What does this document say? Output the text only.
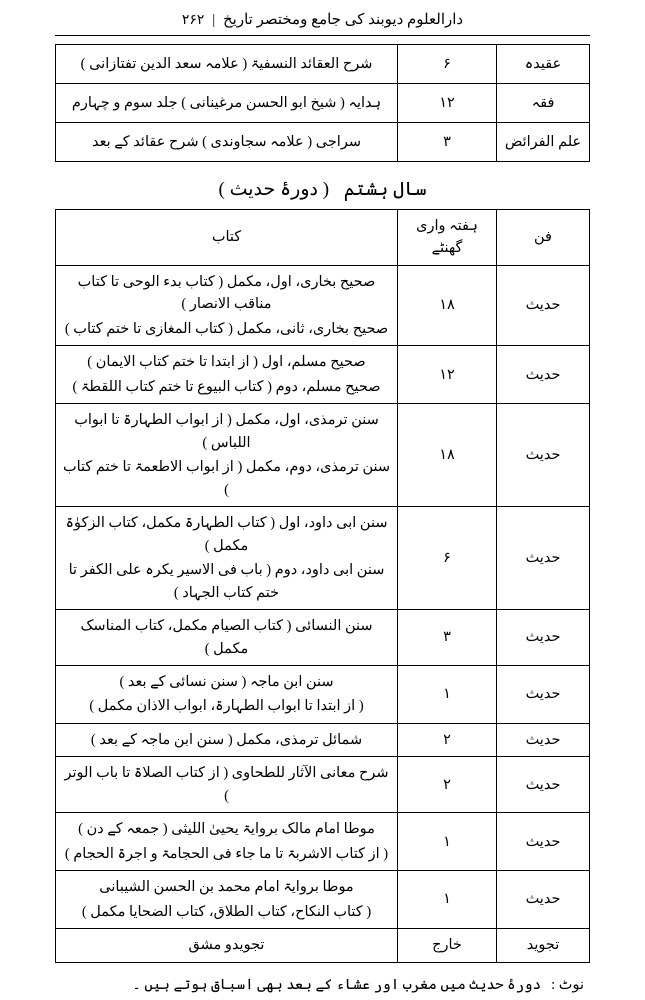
دارالعلوم دیوبند کی جامع ومختصر تاریخ | ۲۶۲
عقیدہ	۶	شرح العقائد النسفیۃ ( علامہ سعد الدین تفتازانی )
فقہ	۱۲	ہدایہ ( شیخ ابو الحسن مرغینانی ) جلد سوم و چہارم
علم الفرائض	۳	سراجی ( علامہ سجاوندی ) شرح عقائد کے بعد
سال ہشتم ( دورۂ حدیث )
فن	ہفتہ واری گھنٹے	کتاب
حدیث	۱۸	صحیح بخاری، اول، مکمل ( کتاب بدء الوحی تا کتاب مناقب الانصار )
صحیح بخاری، ثانی، مکمل ( کتاب المغازی تا ختم کتاب )

حدیث	۱۲	صحیح مسلم، اول ( از ابتدا تا ختم کتاب الایمان )
صحیح مسلم، دوم ( کتاب البیوع تا ختم کتاب اللقطۃ )

حدیث	۱۸	سنن ترمذی، اول، مکمل ( از ابواب الطہارۃ تا ابواب اللباس )
سنن ترمذی، دوم، مکمل ( از ابواب الاطعمۃ تا ختم کتاب )

حدیث	۶	سنن ابی داود، اول ( کتاب الطہارۃ مکمل، کتاب الزکوٰۃ مکمل )
سنن ابی داود، دوم ( باب فی الاسیر یکرہ علی الکفر تا ختم کتاب الجہاد )

حدیث	۳	سنن النسائی ( کتاب الصیام مکمل، کتاب المناسک مکمل )

حدیث	۱	سنن ابن ماجہ ( سنن نسائی کے بعد )
( از ابتدا تا ابواب الطہارۃ، ابواب الاذان مکمل )

حدیث	۲	شمائل ترمذی، مکمل ( سنن ابن ماجہ کے بعد )

حدیث	۲	شرح معانی الآثار للطحاوی ( از کتاب الصلاۃ تا باب الوتر )

حدیث	۱	موطا امام مالک بروایۃ یحییٰ اللیثی ( جمعہ کے دن )
( از کتاب الاشربۃ تا ما جاء فی الحجامۃ و اجرۃ الحجام )

حدیث	۱	موطا بروایۃ امام محمد بن الحسن الشیبانی
( کتاب النکاح، کتاب الطلاق، کتاب الضحایا مکمل )

تجوید	خارج	تجویدو مشق
نوٹ :
دورۂ حدیث میں مغرب اور عشاء کے بعد بھی اسباق ہوتے ہیں ۔
